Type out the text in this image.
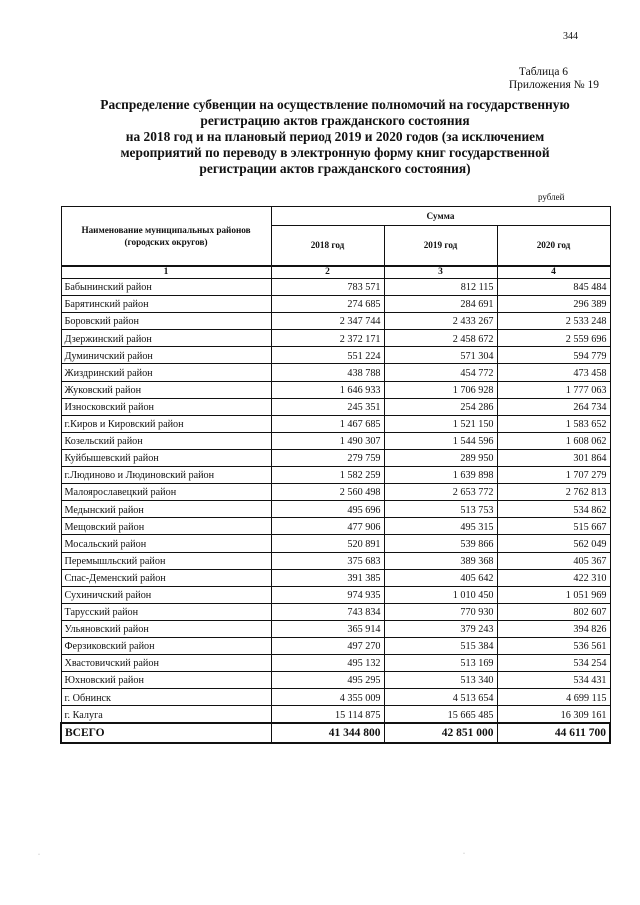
344
Таблица 6
Приложения № 19
Распределение субвенции на осуществление полномочий на государственную
регистрацию актов гражданского состояния
на 2018 год и на плановый период 2019 и 2020 годов (за исключением
мероприятий по переводу в электронную форму книг государственной
регистрации актов гражданского состояния)
рублей
Наименование муниципальных районов (городских округов)	Сумма		
	2018 год	2019 год	2020 год
1	2	3	4
Бабынинский район	783 571	812 115	845 484
Барятинский район	274 685	284 691	296 389
Боровский район	2 347 744	2 433 267	2 533 248
Дзержинский район	2 372 171	2 458 672	2 559 696
Думиничский район	551 224	571 304	594 779
Жиздринский район	438 788	454 772	473 458
Жуковский район	1 646 933	1 706 928	1 777 063
Износковский район	245 351	254 286	264 734
г.Киров и Кировский район	1 467 685	1 521 150	1 583 652
Козельский район	1 490 307	1 544 596	1 608 062
Куйбышевский район	279 759	289 950	301 864
г.Людиново и Людиновский район	1 582 259	1 639 898	1 707 279
Малоярославецкий район	2 560 498	2 653 772	2 762 813
Медынский район	495 696	513 753	534 862
Мещовский район	477 906	495 315	515 667
Мосальский район	520 891	539 866	562 049
Перемышльский район	375 683	389 368	405 367
Спас-Деменский район	391 385	405 642	422 310
Сухиничский район	974 935	1 010 450	1 051 969
Тарусский район	743 834	770 930	802 607
Ульяновский район	365 914	379 243	394 826
Ферзиковский район	497 270	515 384	536 561
Хвастовичский район	495 132	513 169	534 254
Юхновский район	495 295	513 340	534 431
г. Обнинск	4 355 009	4 513 654	4 699 115
г. Калуга	15 114 875	15 665 485	16 309 161
ВСЕГО	41 344 800	42 851 000	44 611 700
·	·
